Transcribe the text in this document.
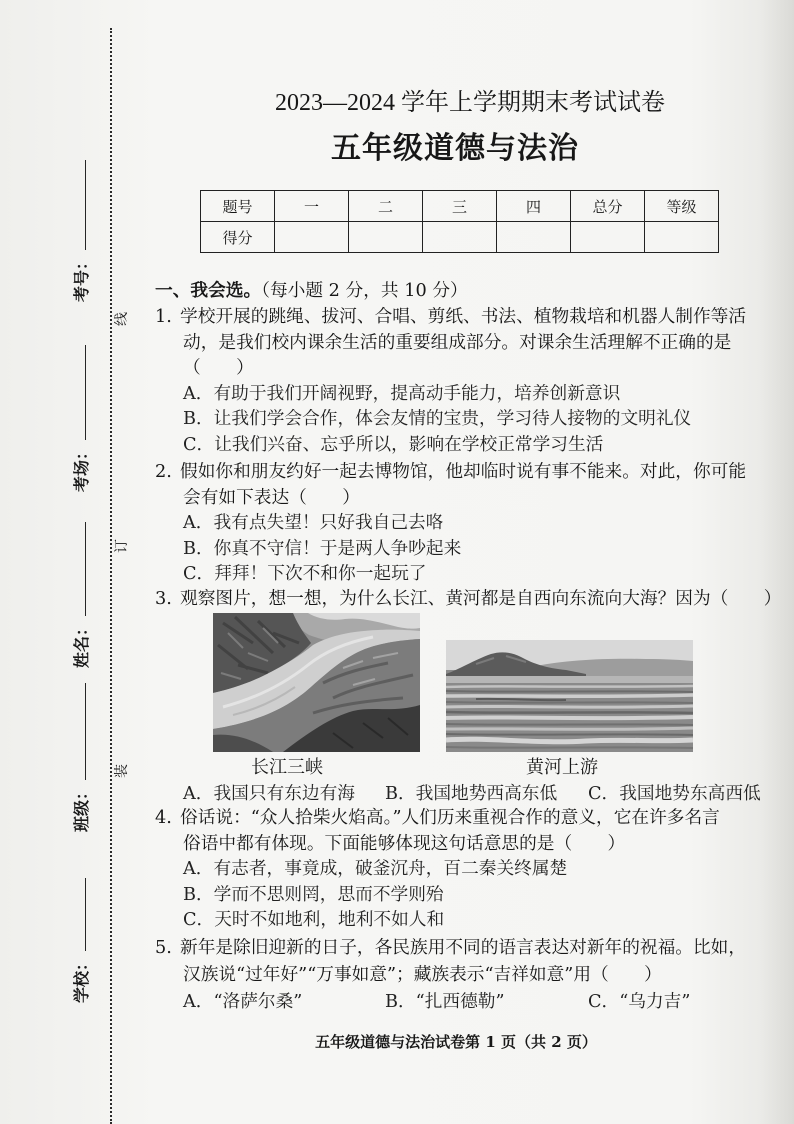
考号：
考场：
姓名：
班级：
学校：
线
订
装
2023—2024 学年上学期期末考试试卷
五年级道德与法治
题号	一	二	三	四	总分	等级
得分						
一、我会选。（每小题 2 分，共 10 分）
1. 学校开展的跳绳、拔河、合唱、剪纸、书法、植物栽培和机器人制作等活
动，是我们校内课余生活的重要组成部分。对课余生活理解不正确的是
（　　）
A．有助于我们开阔视野，提高动手能力，培养创新意识
B．让我们学会合作，体会友情的宝贵，学习待人接物的文明礼仪
C．让我们兴奋、忘乎所以，影响在学校正常学习生活
2. 假如你和朋友约好一起去博物馆，他却临时说有事不能来。对此，你可能
会有如下表达（　　）
A．我有点失望！只好我自己去咯
B．你真不守信！于是两人争吵起来
C．拜拜！下次不和你一起玩了
3. 观察图片，想一想，为什么长江、黄河都是自西向东流向大海？因为（　　）
长江三峡	黄河上游
A．我国只有东边有海 B．我国地势西高东低 C．我国地势东高西低
4. 俗话说：“众人拾柴火焰高。”人们历来重视合作的意义，它在许多名言
俗语中都有体现。下面能够体现这句话意思的是（　　）
A．有志者，事竟成，破釜沉舟，百二秦关终属楚
B．学而不思则罔，思而不学则殆
C．天时不如地利，地利不如人和
5. 新年是除旧迎新的日子，各民族用不同的语言表达对新年的祝福。比如，
汉族说“过年好”“万事如意”；藏族表示“吉祥如意”用（　　）
A．“洛萨尔桑”	B．“扎西德勒”	C．“乌力吉”
五年级道德与法治试卷第 1 页（共 2 页）
